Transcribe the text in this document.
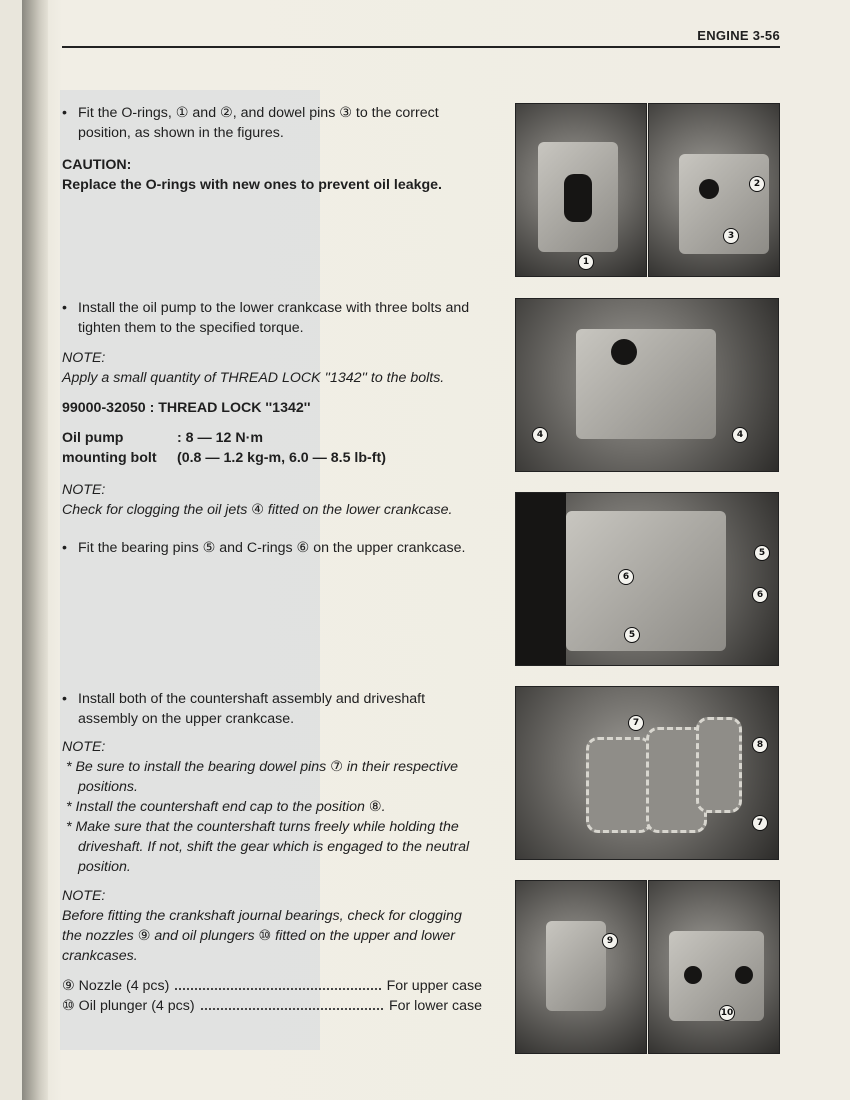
ENGINE 3-56
• Fit the O-rings, ① and ②, and dowel pins ③ to the correct position, as shown in the figures.
CAUTION:
Replace the O-rings with new ones to prevent oil leakge.
• Install the oil pump to the lower crankcase with three bolts and tighten them to the specified torque.
NOTE:
Apply a small quantity of THREAD LOCK ''1342'' to the bolts.
99000-32050 : THREAD LOCK ''1342''
Oil pump	: 8 — 12 N·m
mounting bolt	(0.8 — 1.2 kg-m, 6.0 — 8.5 lb-ft)
NOTE:
Check for clogging the oil jets ④ fitted on the lower crankcase.
• Fit the bearing pins ⑤ and C-rings ⑥ on the upper crankcase.
• Install both of the countershaft assembly and driveshaft assembly on the upper crankcase.
NOTE:
* Be sure to install the bearing dowel pins ⑦ in their respective positions.
* Install the countershaft end cap to the position ⑧.
* Make sure that the countershaft turns freely while holding the driveshaft. If not, shift the gear which is engaged to the neutral position.
NOTE:
Before fitting the crankshaft journal bearings, check for clogging the nozzles ⑨ and oil plungers ⑩ fitted on the upper and lower crankcases.
⑨ Nozzle (4 pcs)	For upper case
⑩ Oil plunger (4 pcs)	For lower case
1
2
3
4	4
5
5
6
6
7
7
8
9
10
